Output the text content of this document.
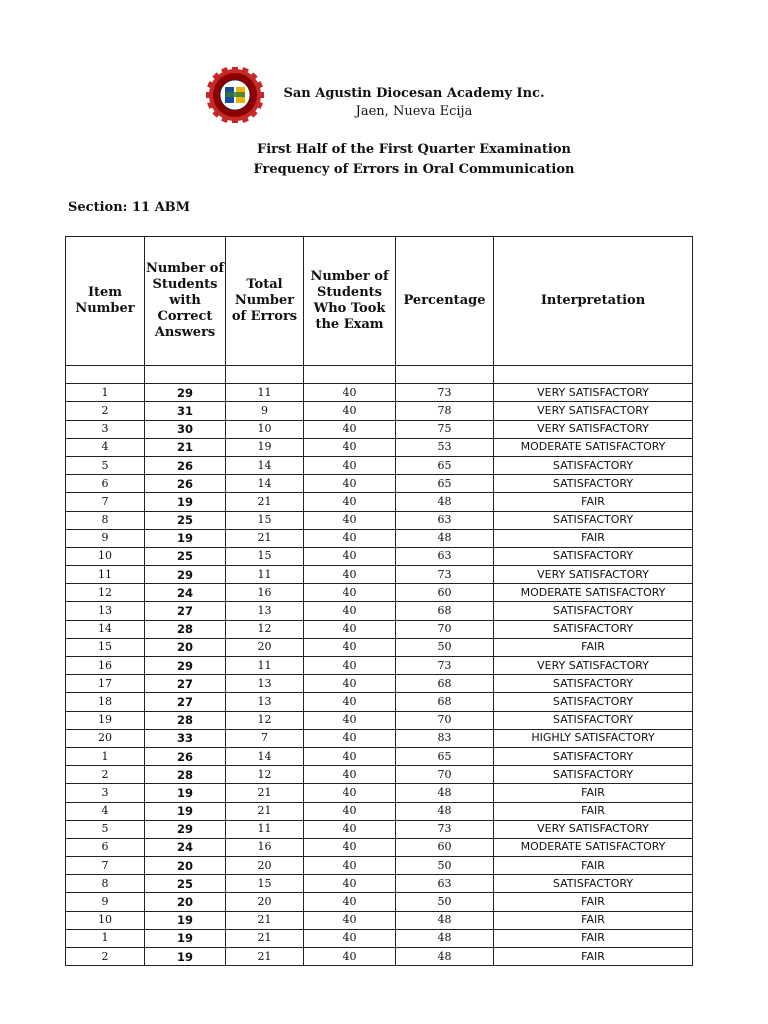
San Agustin Diocesan Academy Inc.
Jaen, Nueva Ecija
First Half of the First Quarter Examination
Frequency of Errors in Oral Communication
Section: 11 ABM
Item Number	Number of Students with Correct Answers	Total Number of Errors	Number of Students Who Took the Exam	Percentage	Interpretation

1	29	11	40	73	VERY SATISFACTORY
2	31	9	40	78	VERY SATISFACTORY
3	30	10	40	75	VERY SATISFACTORY
4	21	19	40	53	MODERATE SATISFACTORY
5	26	14	40	65	SATISFACTORY
6	26	14	40	65	SATISFACTORY
7	19	21	40	48	FAIR
8	25	15	40	63	SATISFACTORY
9	19	21	40	48	FAIR
10	25	15	40	63	SATISFACTORY
11	29	11	40	73	VERY SATISFACTORY
12	24	16	40	60	MODERATE SATISFACTORY
13	27	13	40	68	SATISFACTORY
14	28	12	40	70	SATISFACTORY
15	20	20	40	50	FAIR
16	29	11	40	73	VERY SATISFACTORY
17	27	13	40	68	SATISFACTORY
18	27	13	40	68	SATISFACTORY
19	28	12	40	70	SATISFACTORY
20	33	7	40	83	HIGHLY SATISFACTORY
1	26	14	40	65	SATISFACTORY
2	28	12	40	70	SATISFACTORY
3	19	21	40	48	FAIR
4	19	21	40	48	FAIR
5	29	11	40	73	VERY SATISFACTORY
6	24	16	40	60	MODERATE SATISFACTORY
7	20	20	40	50	FAIR
8	25	15	40	63	SATISFACTORY
9	20	20	40	50	FAIR
10	19	21	40	48	FAIR
1	19	21	40	48	FAIR
2	19	21	40	48	FAIR
